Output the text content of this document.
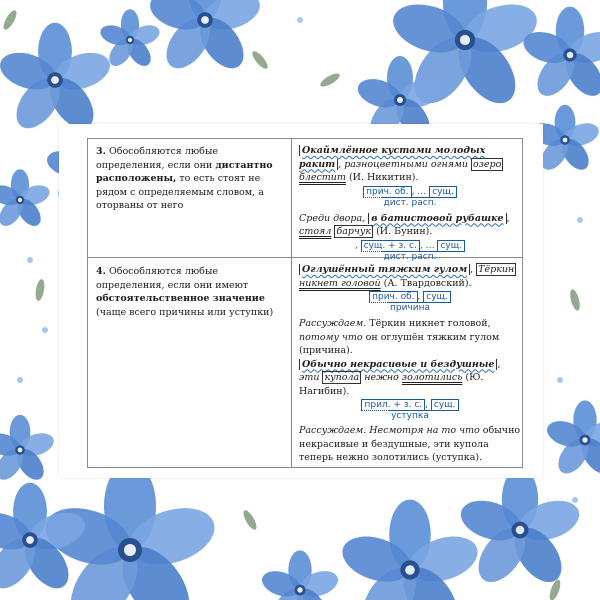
3. Обособляются любые определения, если они дистантно расположены, то есть стоят не рядом с определяемым словом, а оторваны от него
Окаймлённое кустами молодых ракит , разноцветными огнями озеро блестит (И. Никитин).
прич. об. , … сущ.
дист. расп.
Среди двора, в батистовой рубашке , стоял барчук (И. Бунин).
, сущ. + з. с. , … сущ.
дист. расп.
4. Обособляются любые определения, если они имеют обстоятельственное значение (чаще всего причины или уступки)
Оглушённый тяжким гулом , Тёркин никнет головой (А. Твардовский).
прич. об. , сущ.
причина
Рассуждаем. Тёркин никнет головой, потому что он оглушён тяжким гулом (причина).
Обычно некрасивые и бездушные , эти купола нежно золотились (Ю. Нагибин).
прил. + з. с. , сущ.
уступка
Рассуждаем. Несмотря на то что обычно некрасивые и бездушные, эти купола теперь нежно золотились (уступка).
